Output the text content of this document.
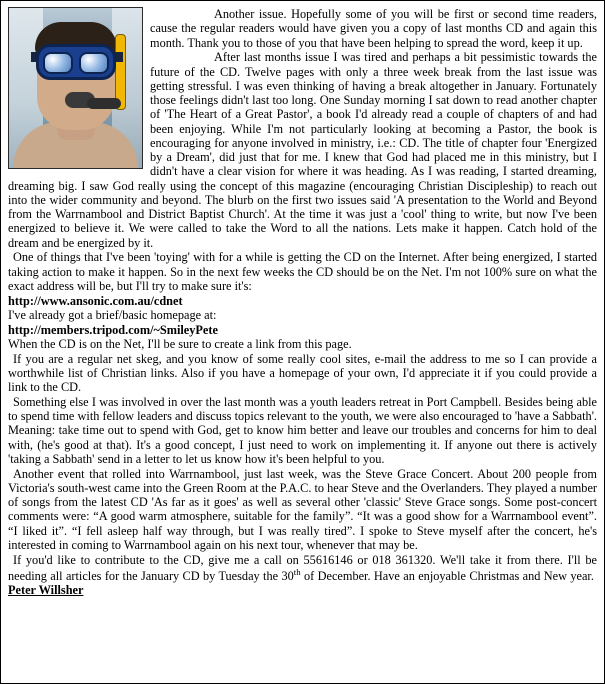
Another issue. Hopefully some of you will be first or second time readers, cause the regular readers would have given you a copy of last months CD and again this month. Thank you to those of you that have been helping to spread the word, keep it up.

After last months issue I was tired and perhaps a bit pessimistic towards the future of the CD. Twelve pages with only a three week break from the last issue was getting stressful. I was even thinking of having a break altogether in January. Fortunately those feelings didn't last too long. One Sunday morning I sat down to read another chapter of 'The Heart of a Great Pastor', a book I'd already read a couple of chapters of and had been enjoying. While I'm not particularly looking at becoming a Pastor, the book is encouraging for anyone involved in ministry, i.e.: CD. The title of chapter four 'Energized by a Dream', did just that for me. I knew that God had placed me in this ministry, but I didn't have a clear vision for where it was heading. As I was reading, I started dreaming, dreaming big. I saw God really using the concept of this magazine (encouraging Christian Discipleship) to reach out into the wider community and beyond. The blurb on the first two issues said 'A presentation to the World and Beyond from the Warrnambool and District Baptist Church'. At the time it was just a 'cool' thing to write, but now I've been energized to believe it. We were called to take the Word to all the nations. Lets make it happen. Catch hold of the dream and be energized by it.

One of things that I've been 'toying' with for a while is getting the CD on the Internet. After being energized, I started taking action to make it happen. So in the next few weeks the CD should be on the Net. I'm not 100% sure on what the exact address will be, but I'll try to make sure it's:

http://www.ansonic.com.au/cdnet

I've already got a brief/basic homepage at:

http://members.tripod.com/~SmileyPete

When the CD is on the Net, I'll be sure to create a link from this page.

If you are a regular net skeg, and you know of some really cool sites, e-mail the address to me so I can provide a worthwhile list of Christian links. Also if you have a homepage of your own, I'd appreciate it if you could provide a link to the CD.

Something else I was involved in over the last month was a youth leaders retreat in Port Campbell. Besides being able to spend time with fellow leaders and discuss topics relevant to the youth, we were also encouraged to 'have a Sabbath'. Meaning: take time out to spend with God, get to know him better and leave our troubles and concerns for him to deal with, (he's good at that). It's a good concept, I just need to work on implementing it. If anyone out there is actively 'taking a Sabbath' send in a letter to let us know how it's been helpful to you.

Another event that rolled into Warrnambool, just last week, was the Steve Grace Concert. About 200 people from Victoria's south-west came into the Green Room at the P.A.C. to hear Steve and the Overlanders. They played a number of songs from the latest CD 'As far as it goes' as well as several other 'classic' Steve Grace songs. Some post-concert comments were: “A good warm atmosphere, suitable for the family”. “It was a good show for a Warrnambool event”. “I liked it”. “I fell asleep half way through, but I was really tired”. I spoke to Steve myself after the concert, he's interested in coming to Warrnambool again on his next tour, whenever that may be.

If you'd like to contribute to the CD, give me a call on 55616146 or 018 361320. We'll take it from there. I'll be needing all articles for the January CD by Tuesday the 30th of December. Have an enjoyable Christmas and New year.  Peter Willsher
